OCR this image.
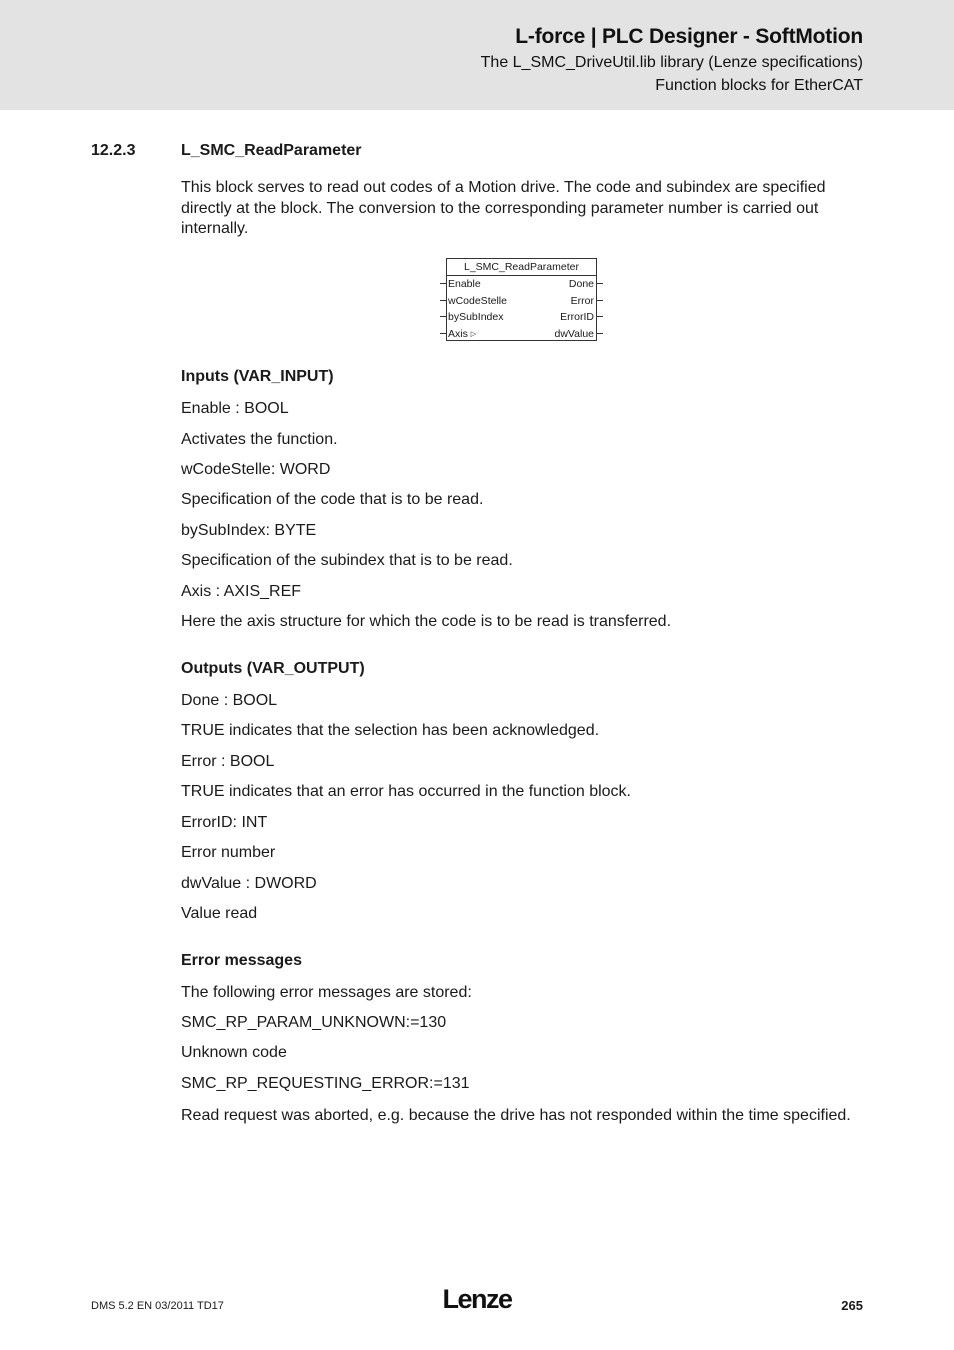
L-force | PLC Designer - SoftMotion
The L_SMC_DriveUtil.lib library (Lenze specifications)
Function blocks for EtherCAT
12.2.3	L_SMC_ReadParameter

This block serves to read out codes of a Motion drive. The code and subindex are specified directly at the block. The conversion to the corresponding parameter number is carried out internally.

L_SMC_ReadParameter
Enable
wCodeStelle
bySubIndex
Axis ▷
Done
Error
ErrorID
dwValue
Inputs (VAR_INPUT)
Enable : BOOL
Activates the function.
wCodeStelle: WORD
Specification of the code that is to be read.
bySubIndex: BYTE
Specification of the subindex that is to be read.
Axis : AXIS_REF
Here the axis structure for which the code is to be read is transferred.
Outputs (VAR_OUTPUT)
Done : BOOL
TRUE indicates that the selection has been acknowledged.
Error : BOOL
TRUE indicates that an error has occurred in the function block.
ErrorID: INT
Error number
dwValue : DWORD
Value read
Error messages
The following error messages are stored:
SMC_RP_PARAM_UNKNOWN:=130
Unknown code
SMC_RP_REQUESTING_ERROR:=131

Read request was aborted, e.g. because the drive has not responded within the time specified.

DMS 5.2 EN 03/2011 TD17	Lenze	265
